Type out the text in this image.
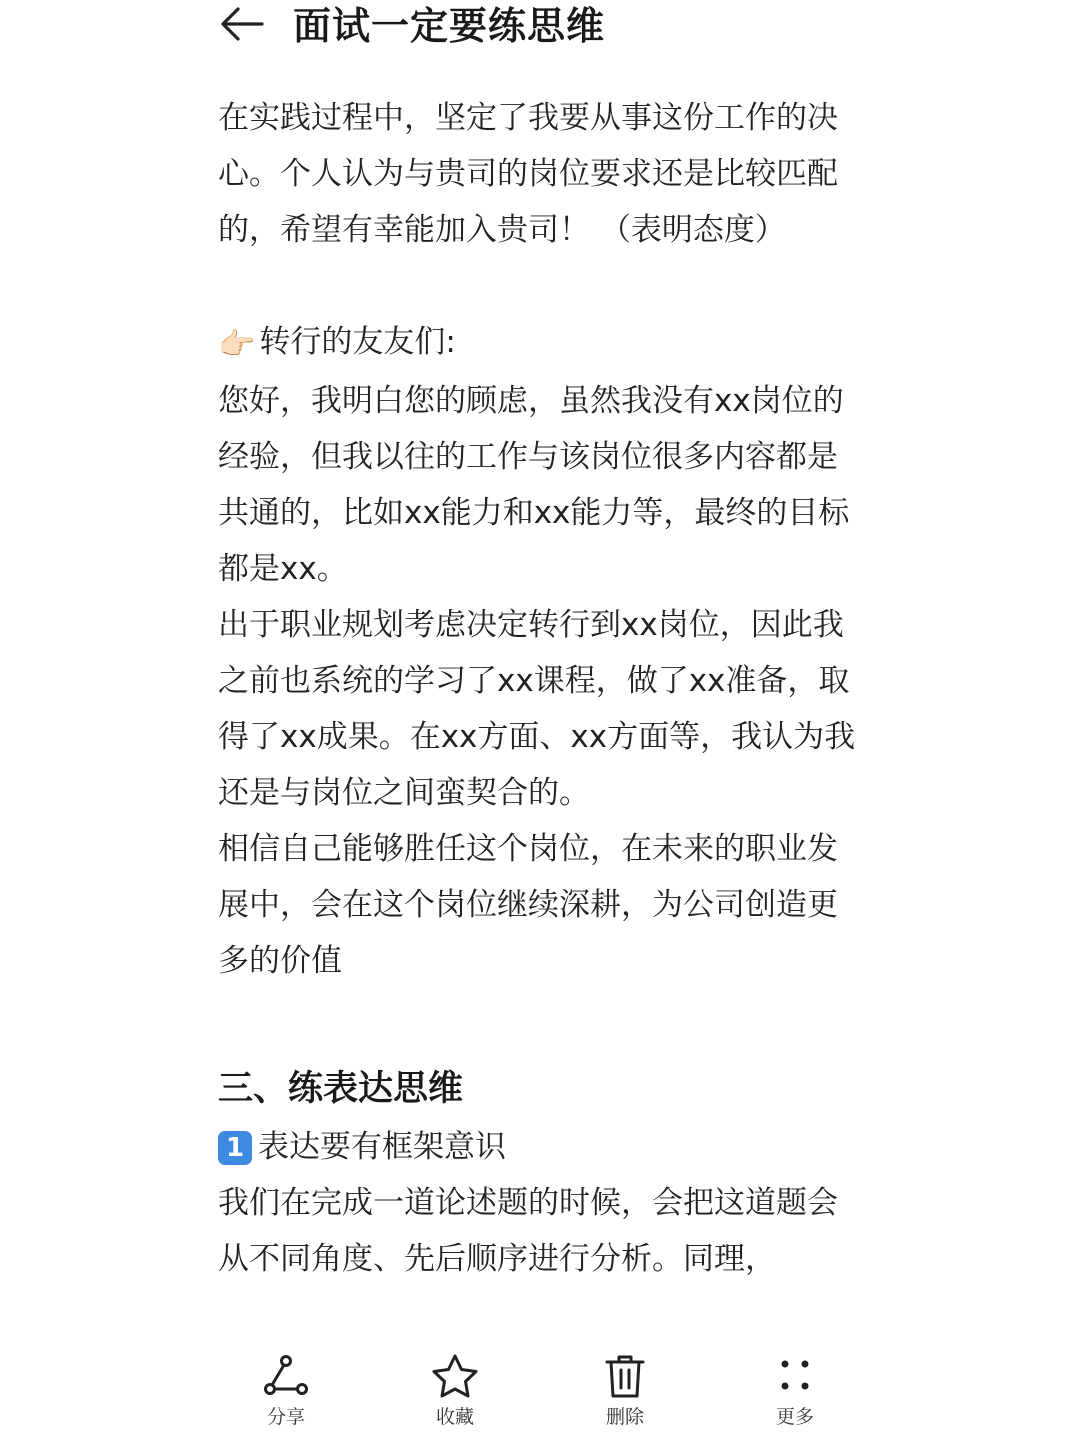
面试一定要练思维

在实践过程中，坚定了我要从事这份工作的决心。个人认为与贵司的岗位要求还是比较匹配的，希望有幸能加入贵司！ （表明态度）

👉🏻 转行的友友们:

您好，我明白您的顾虑，虽然我没有xx岗位的经验，但我以往的工作与该岗位很多内容都是共通的，比如xx能力和xx能力等，最终的目标都是xx。

出于职业规划考虑决定转行到xx岗位，因此我之前也系统的学习了xx课程，做了xx准备，取得了xx成果。在xx方面、xx方面等，我认为我还是与岗位之间蛮契合的。

相信自己能够胜任这个岗位，在未来的职业发展中，会在这个岗位继续深耕，为公司创造更多的价值

三、练表达思维

1 表达要有框架意识

我们在完成一道论述题的时候，会把这道题会从不同角度、先后顺序进行分析。同理，

分享	收藏	删除	更多
